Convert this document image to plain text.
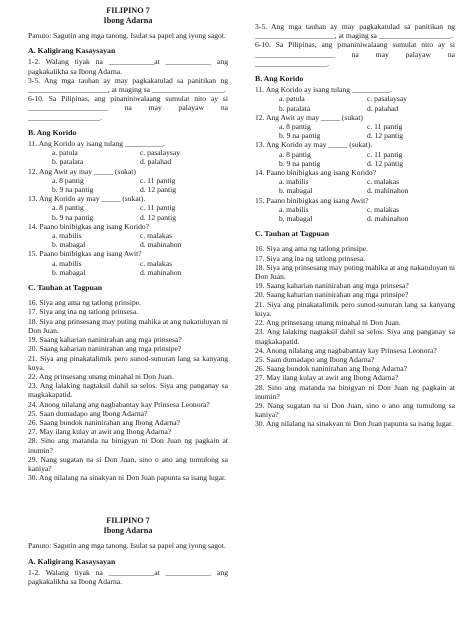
FILIPINO 7
Ibong Adarna

Panuto: Sagutin ang mga tanong. Isulat sa papel ang iyong sagot.

A. Kaligirang Kasaysayan

1-2. Walang tiyak na ____________at ____________ ang pagkakalikha sa Ibong Adarna.

3-5. Ang mga tauhan ay may pagkakatulad sa panitikan ng _____________________, at maging sa ___________________.

6-10. Sa Pilipinas, ang pinaniniwalaang sumulat nito ay si _____________________ na may palayaw na ___________________.

B. Ang Korido

11. Ang Korido ay isang tulang __________.

a. patula	c. pasalaysay
b. patalata	d. palahad

12. Ang Awit ay may _____ (sukat)

a. 8 pantig	c. 11 pantig
b. 9 na pantig	d. 12 pantig

13. Ang Korido ay may _____ (sukat).

a. 8 pantig	c. 11 pantig
b. 9 na pantig	d. 12 pantig

14. Paano binibigkas ang isang Korido?

a. mabilis	c. malakas
b. mabagal	d. mahinahon

15. Paano binibigkas ang isang Awit?

a. mabilis	c. malakas
b. mabagal	d. mahinahon
C. Tauhan at Tagpuan

16. Siya ang ama ng tatlong prinsipe.

17. Siya ang ina ng tatlong prinsesa.

18. Siya ang prinsesang may puting mahika at ang nakatuluyan ni Don Juan.

19. Saang kaharian naninirahan ang mga prinsesa?

20. Saang kaharian naninirahan ang mga prinsipe?

21. Siya ang pinakatalimik pero sunod-sunuran lang sa kanyang kuya.

22. Ang prinsesang unang minahal ni Don Juan.

23. Ang lalaking nagtaksil dahil sa selos. Siya ang panganay sa magkakapatid.

24. Anong nilalang ang nagbabantay kay Prinsesa Leonora?

25. Saan dumadapo ang Ibong Adarna?

26. Saang bundok naninirahan ang Ibong Adarna?

27. May ilang kulay at awit ang Ibong Adarna?

28. Sino ang matanda na binigyan ni Don Juan ng pagkain at inumin?

29. Nang sugatan na si Don Juan, sino o ano ang tumulong sa kaniya?

30. Ang nilalang na sinakyan ni Don Juan papunta sa isang lugar.

FILIPINO 7
Ibong Adarna

Panuto: Sagutin ang mga tanong. Isulat sa papel ang iyong sagot.

A. Kaligirang Kasaysayan

1-2. Walang tiyak na ____________at ____________ ang pagkakalikha sa Ibong Adarna.

3-5. Ang mga tauhan ay may pagkakatulad sa panitikan ng _____________________, at maging sa ___________________.

6-10. Sa Pilipinas, ang pinaniniwalaang sumulat nito ay si _____________________ na may palayaw na ___________________.

B. Ang Korido

11. Ang Korido ay isang tulang __________.

a. patula	c. pasalaysay
b. patalata	d. palahad

12. Ang Awit ay may _____ (sukat)

a. 8 pantig	c. 11 pantig
b. 9 na pantig	d. 12 pantig

13. Ang Korido ay may _____ (sukat).

a. 8 pantig	c. 11 pantig
b. 9 na pantig	d. 12 pantig

14. Paano binibigkas ang isang Korido?

a. mabilis	c. malakas
b. mabagal	d. mahinahon

15. Paano binibigkas ang isang Awit?

a. mabilis	c. malakas
b. mabagal	d. mahinahon
C. Tauhan at Tagpuan

16. Siya ang ama ng tatlong prinsipe.

17. Siya ang ina ng tatlong prinsesa.

18. Siya ang prinsesang may puting mahika at ang nakatuluyan ni Don Juan.

19. Saang kaharian naninirahan ang mga prinsesa?

20. Saang kaharian naninirahan ang mga prinsipe?

21. Siya ang pinakatalimik pero sunod-sunuran lang sa kanyang kuya.

22. Ang prinsesang unang minahal ni Don Juan.

23. Ang lalaking nagtaksil dahil sa selos. Siya ang panganay sa magkakapatid.

24. Anong nilalang ang nagbabantay kay Prinsesa Leonora?

25. Saan dumadapo ang Ibong Adarna?

26. Saang bundok naninirahan ang Ibong Adarna?

27. May ilang kulay at awit ang Ibong Adarna?

28. Sino ang matanda na binigyan ni Don Juan ng pagkain at inumin?

29. Nang sugatan na si Don Juan, sino o ano ang tumulong sa kaniya?

30. Ang nilalang na sinakyan ni Don Juan papunta sa isang lugar.
